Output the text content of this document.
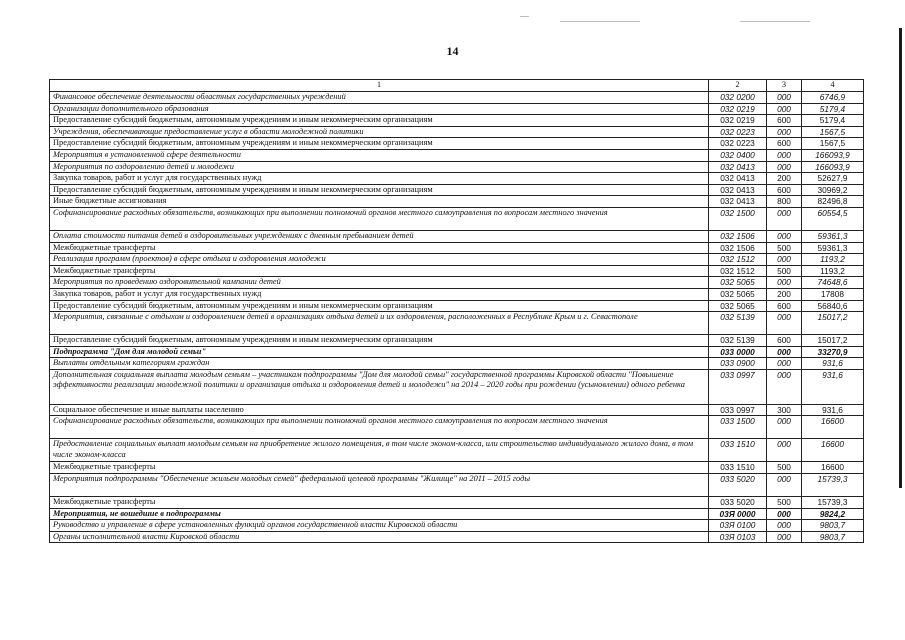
14
1	2	3	4
Финансовое обеспечение деятельности областных государственных учреждений	032 0200	000	6746,9
Организации дополнительного образования	032 0219	000	5179,4
Предоставление субсидий бюджетным, автономным учреждениям и иным некоммерческим организациям	032 0219	600	5179,4
Учреждения, обеспечивающие предоставление услуг в области молодежной политики	032 0223	000	1567,5
Предоставление субсидий бюджетным, автономным учреждениям и иным некоммерческим организациям	032 0223	600	1567,5
Мероприятия в установленной сфере деятельности	032 0400	000	166093,9
Мероприятия по оздоровлению детей и молодежи	032 0413	000	166093,9
Закупка товаров, работ и услуг для государственных нужд	032 0413	200	52627,9
Предоставление субсидий бюджетным, автономным учреждениям и иным некоммерческим организациям	032 0413	600	30969,2
Иные бюджетные ассигнования	032 0413	800	82496,8
Софинансирование расходных обязательств, возникающих при выполнении полномочий органов местного самоуправления по вопросам местного значения	032 1500	000	60554,5
Оплата стоимости питания детей в оздоровительных учреждениях с дневным пребыванием детей	032 1506	000	59361,3
Межбюджетные трансферты	032 1506	500	59361,3
Реализация программ (проектов) в сфере отдыха и оздоровления молодежи	032 1512	000	1193,2
Межбюджетные трансферты	032 1512	500	1193,2
Мероприятия по проведению оздоровительной кампании детей	032 5065	000	74648,6
Закупка товаров, работ и услуг для государственных нужд	032 5065	200	17808
Предоставление субсидий бюджетным, автономным учреждениям и иным некоммерческим организациям	032 5065	600	56840,6
Мероприятия, связанные с отдыхом и оздоровлением детей в организациях отдыха детей и их оздоровления, расположенных в Республике Крым и г. Севастополе	032 5139	000	15017,2
Предоставление субсидий бюджетным, автономным учреждениям и иным некоммерческим организациям	032 5139	600	15017,2
Подпрограмма "Дом для молодой семьи"	033 0000	000	33270,9
Выплаты отдельным категориям граждан	033 0900	000	931,6
Дополнительная социальная выплата молодым семьям – участникам подпрограммы "Дом для молодой семьи" государственной программы Кировской области "Повышение эффективности реализации молодежной политики и организация отдыха и оздоровления детей и молодежи" на 2014 – 2020 годы при рождении (усыновлении) одного ребенка	033 0997	000	931,6
Социальное обеспечение и иные выплаты населению	033 0997	300	931,6
Софинансирование расходных обязательств, возникающих при выполнении полномочий органов местного самоуправления по вопросам местного значения	033 1500	000	16600
Предоставление социальных выплат молодым семьям на приобретение жилого помещения, в том числе эконом-класса, или строительство индивидуального жилого дома, в том числе эконом-класса	033 1510	000	16600
Межбюджетные трансферты	033 1510	500	16600
Мероприятия подпрограммы "Обеспечение жильем молодых семей" федеральной целевой программы "Жилище" на 2011 – 2015 годы	033 5020	000	15739,3
Межбюджетные трансферты	033 5020	500	15739,3
Мероприятия, не вошедшие в подпрограммы	03Я 0000	000	9824,2
Руководство и управление в сфере установленных функций органов государственной власти Кировской области	03Я 0100	000	9803,7
Органы исполнительной власти Кировской области	03Я 0103	000	9803,7
